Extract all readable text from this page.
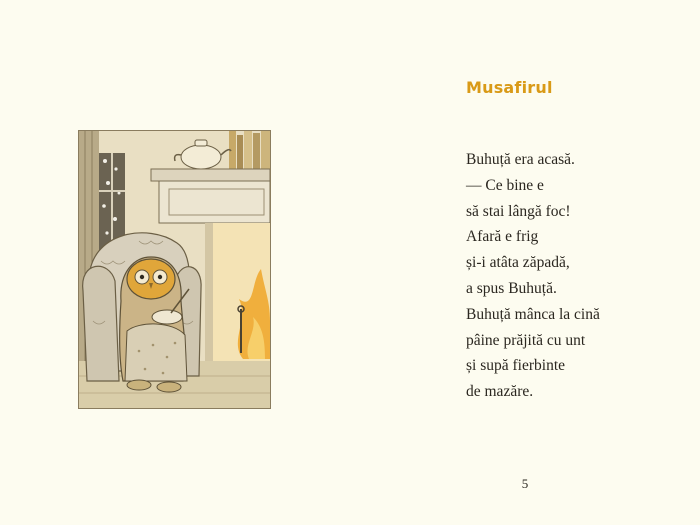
Musafirul
Buhuță era acasă.
— Ce bine e
să stai lângă foc!
Afară e frig
și-i atâta zăpadă,
a spus Buhuță.
Buhuță mânca la cină
pâine prăjită cu unt
și supă fierbinte
de mazăre.
5
